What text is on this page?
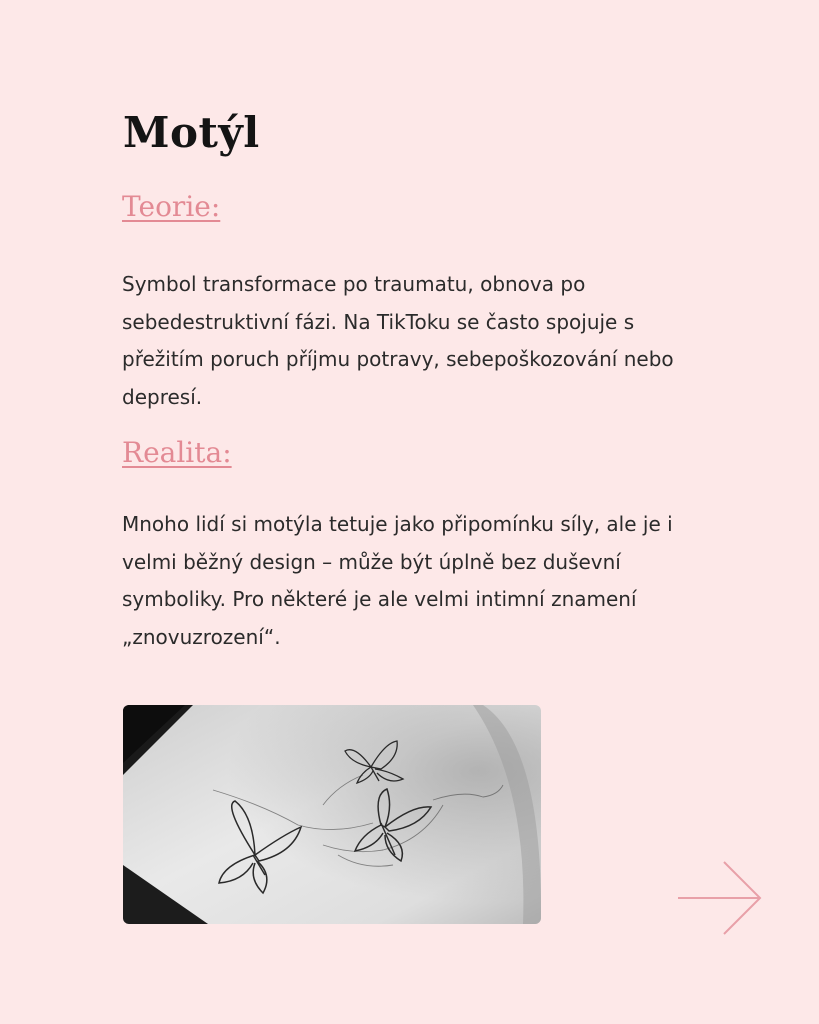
Motýl
Teorie:

Symbol transformace po traumatu, obnova po sebedestruktivní fázi. Na TikToku se často spojuje s přežitím poruch příjmu potravy, sebepoškozování nebo depresí.

Realita:

Mnoho lidí si motýla tetuje jako připomínku síly, ale je i velmi běžný design – může být úplně bez duševní symboliky. Pro některé je ale velmi intimní znamení „znovuzrození“.
